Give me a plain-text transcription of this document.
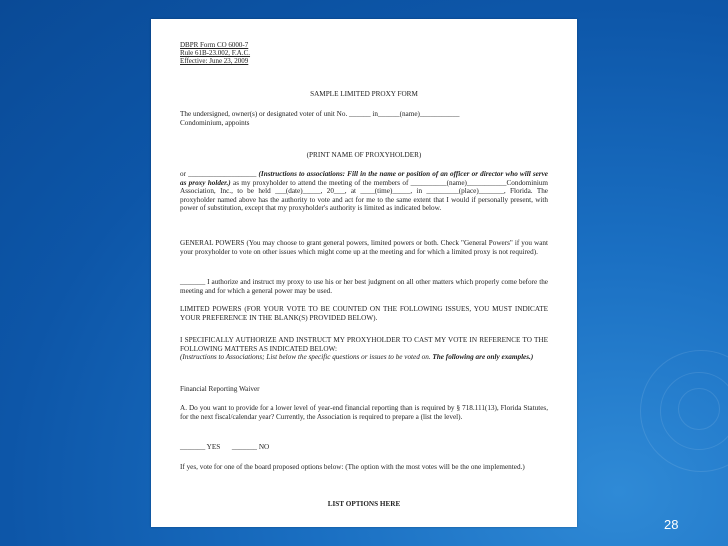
DBPR Form CO 6000-7
Rule 61B-23.002, F.A.C.
Effective: June 23, 2009
SAMPLE LIMITED PROXY FORM
The undersigned, owner(s) or designated voter of unit No. ______ in______(name)___________
Condominium, appoints
(PRINT NAME OF PROXYHOLDER)
or ___________________ (Instructions to associations: Fill in the name or position of an officer or director who will serve as proxy holder.) as my proxyholder to attend the meeting of the members of __________(name)___________Condominium Association, Inc., to be held ___(date)_____, 20___, at ____(time)_____, in _________(place)_______, Florida. The proxyholder named above has the authority to vote and act for me to the same extent that I would if personally present, with power of substitution, except that my proxyholder's authority is limited as indicated below.
GENERAL POWERS (You may choose to grant general powers, limited powers or both. Check "General Powers" if you want your proxyholder to vote on other issues which might come up at the meeting and for which a limited proxy is not required).
_______ I authorize and instruct my proxy to use his or her best judgment on all other matters which properly come before the meeting and for which a general power may be used.
LIMITED POWERS (FOR YOUR VOTE TO BE COUNTED ON THE FOLLOWING ISSUES, YOU MUST INDICATE YOUR PREFERENCE IN THE BLANK(S) PROVIDED BELOW).
I SPECIFICALLY AUTHORIZE AND INSTRUCT MY PROXYHOLDER TO CAST MY VOTE IN REFERENCE TO THE FOLLOWING MATTERS AS INDICATED BELOW:
(Instructions to Associations; List below the specific questions or issues to be voted on. The following are only examples.)
Financial Reporting Waiver
A. Do you want to provide for a lower level of year-end financial reporting than is required by § 718.111(13), Florida Statutes, for the next fiscal/calendar year? Currently, the Association is required to prepare a (list the level).
_______ YES _______ NO
If yes, vote for one of the board proposed options below: (The option with the most votes will be the one implemented.)
LIST OPTIONS HERE
28
